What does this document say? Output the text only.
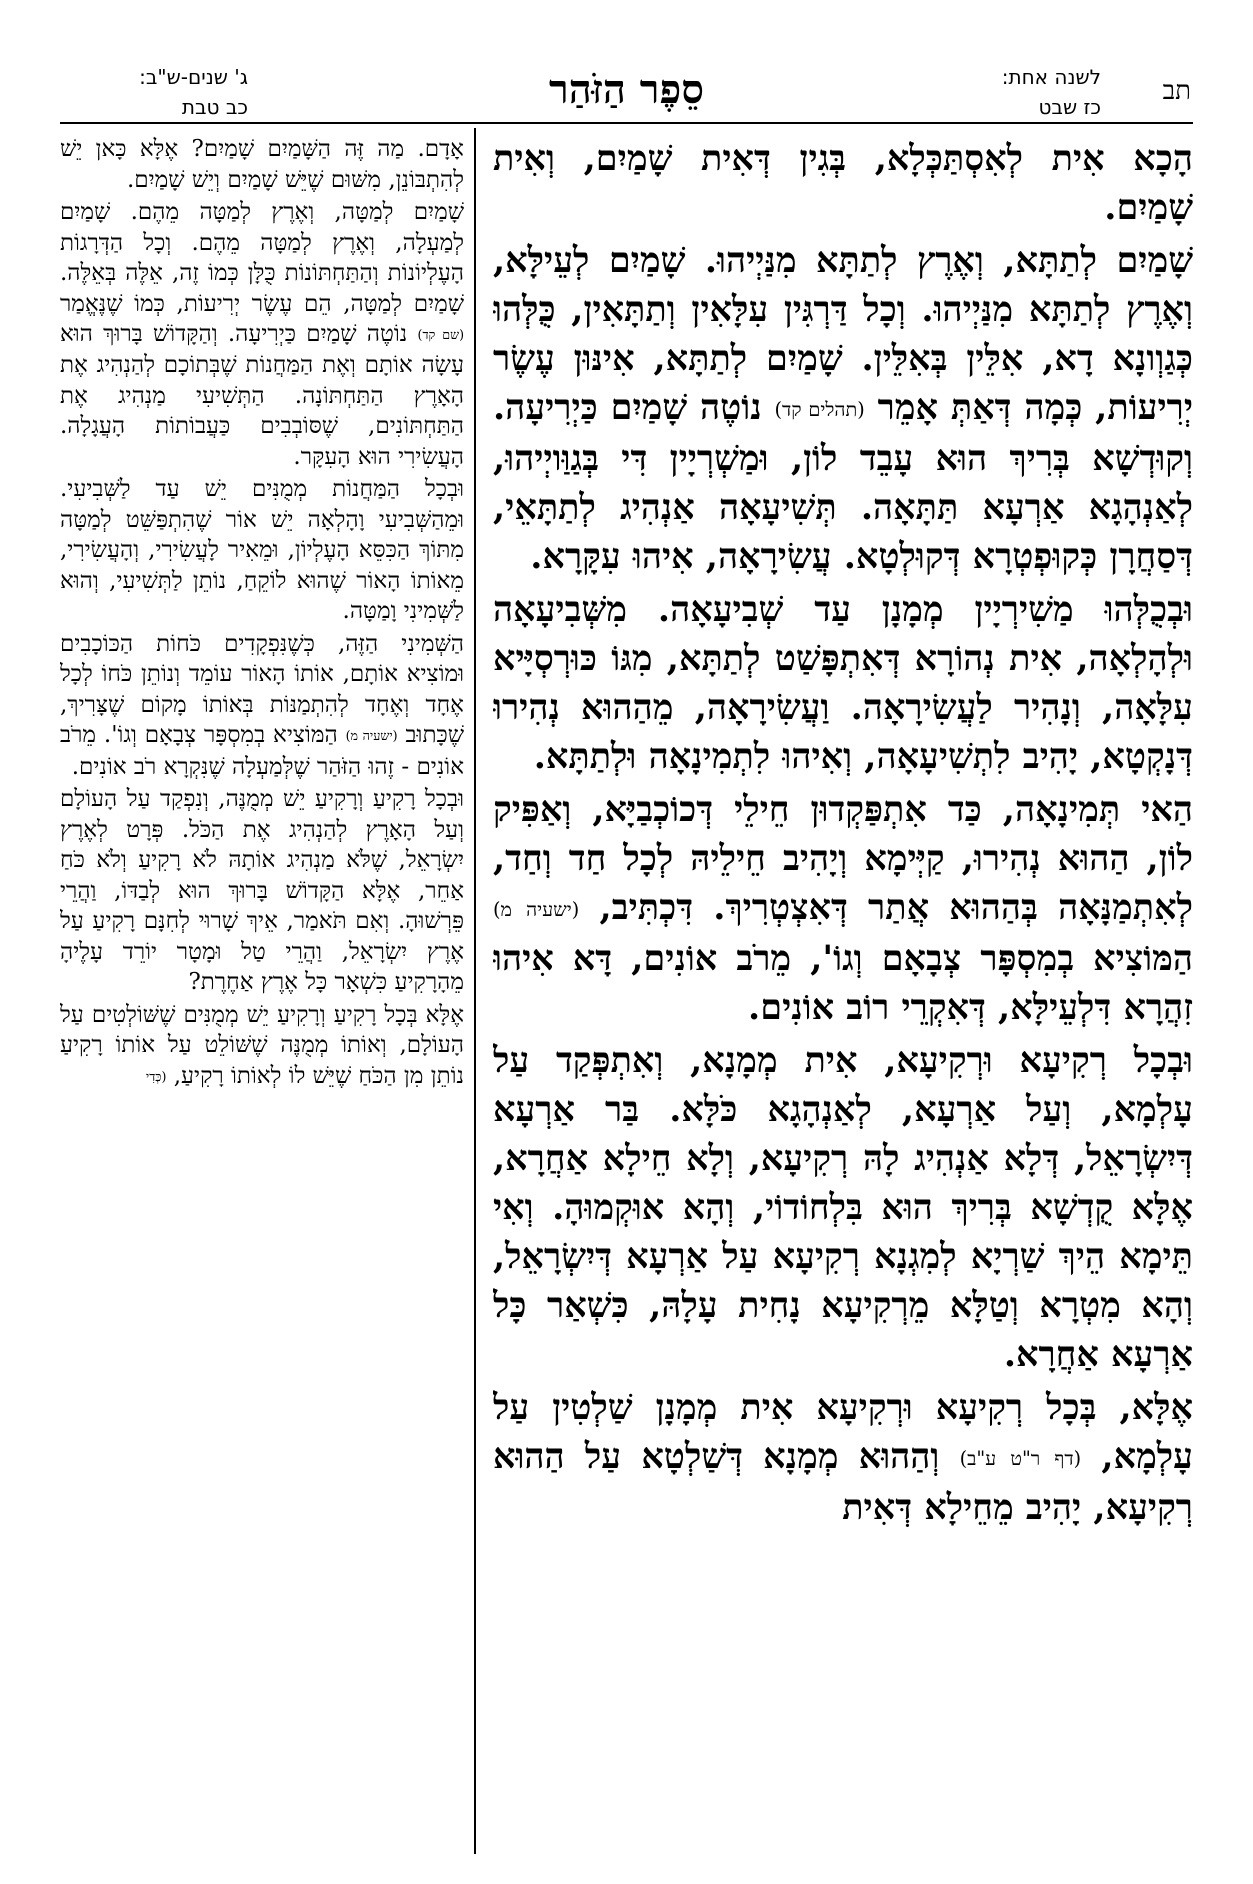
תב
לשנה אחת:
כז שבט
סֵפֶר הַזֹּהַר
ג' שנים-ש"ב:
כב טבת

הָכָא אִית לְאִסְתַּכְּלָא, בְּגִין דְּאִית שָׁמַיִם, וְאִית שָׁמַיִם.

שָׁמַיִם לְתַתָּא, וְאֶרֶץ לְתַתָּא מִנַּיְיהוּ. שָׁמַיִם לְעֵילָּא, וְאֶרֶץ לְתַתָּא מִנַּיְיהוּ. וְכָל דַּרְגִּין עִלָּאִין וְתַתָּאִין, כֻּלְּהוּ כְּגַוְונָא דָא, אִלֵּין בְּאִלֵּין. שָׁמַיִם לְתַתָּא, אִינּוּן עֶשֶׂר יְרִיעוֹת, כְּמָה דְּאַתְּ אָמֵר (תהלים קד) נוֹטֶה שָׁמַיִם כַּיְרִיעָה. וְקוּדְשָׁא בְּרִיךְ הוּא עָבֵד לוֹן, וּמַשְׁרְיָין דִּי בְּגַוַּויְיהוּ, לְאַנְהָגָא אַרְעָא תַּתָּאָה. תְּשִׁיעָאָה אַנְהִיג לְתַתָּאֵי, דְּסַחֲרָן כְּקוּפְטְרָא דְּקוּלְטָא. עֲשִׂירָאָה, אִיהוּ עִקָּרָא.

וּבְכֻלְּהוּ מַשִׁירְיָין מְמָנָן עַד שְׁבִיעָאָה. מִשְּׁבִיעָאָה וּלְהָלְאָה, אִית נְהוֹרָא דְּאִתְפָּשַׁט לְתַתָּא, מִגּוֹ כּוּרְסְיָּיא עִלָּאָה, וְנָהִיר לַעֲשִׂירָאָה. וַעֲשִׂירָאָה, מֵהַהוּא נְהִירוּ דְּנָקְטָא, יָהִיב לִתְשִׁיעָאָה, וְאִיהוּ לִתְמִינָאָה וּלְתַתָּא.

הַאי תְּמִינָאָה, כַּד אִתְפַּקְדוּן חֵילֵי דְּכוֹכְבַיָּא, וְאַפִּיק לוֹן, הַהוּא נְהִירוּ, קַיְּימָא וְיָהִיב חֵילֵיהּ לְכָל חַד וְחַד, לְאִתְמַנָּאָה בְּהַהוּא אֲתַר דְּאִצְטְרִיךְ. דִּכְתִּיב, (ישעיה מ) הַמּוֹצִיא בְמִסְפָּר צְבָאָם וְגוֹ', מֵרֹב אוֹנִים, דָּא אִיהוּ זִהֲרָא דִּלְעֵילָּא, דְּאִקְרֵי רוֹב אוֹנִים.

וּבְכָל רְקִיעָא וּרְקִיעָא, אִית מְמָנָא, וְאִתְפְּקַד עַל עָלְמָא, וְעַל אַרְעָא, לְאַנְהָגָא כֹּלָּא. בַּר אַרְעָא דְּיִשְׂרָאֵל, דְּלָא אַנְהִיג לָהּ רְקִיעָא, וְלָא חֵילָא אַחֲרָא, אֶלָּא קֻדְשָׁא בְּרִיךְ הוּא בִּלְחוֹדוֹי, וְהָא אוּקְמוּהָ. וְאִי תֵּימָא הֵיךְ שַׁרְיָא לְמִגְנָא רְקִיעָא עַל אַרְעָא דְּיִשְׂרָאֵל, וְהָא מִטְרָא וְטַלָּא מֵרְקִיעָא נָחִית עָלָהּ, כִּשְׁאַר כָּל אַרְעָא אַחֲרָא.

אֶלָּא, בְּכָל רְקִיעָא וּרְקִיעָא אִית מְמָנָן שַׁלְטִין עַל עָלְמָא, (דף ר"ט ע"ב) וְהַהוּא מְמָנָא דְּשַׁלְטָא עַל הַהוּא רְקִיעָא, יָהִיב מֵחֵילָא דְּאִית

אָדָם. מַה זֶּה הַשָּׁמַיִם שָׁמַיִם? אֶלָּא כָּאן יֵשׁ לְהִתְבּוֹנֵן, מִשּׁוּם שֶׁיֵּשׁ שָׁמַיִם וְיֵשׁ שָׁמַיִם.

שָׁמַיִם לְמַטָּה, וְאֶרֶץ לְמַטָּה מֵהֶם. שָׁמַיִם לְמַעְלָה, וְאֶרֶץ לְמַטָּה מֵהֶם. וְכָל הַדְּרָגוֹת הָעֶלְיוֹנוֹת וְהַתַּחְתּוֹנוֹת כֻּלָּן כְּמוֹ זֶה, אֵלֶּה בְּאֵלֶּה. שָׁמַיִם לְמַטָּה, הֵם עֶשֶׂר יְרִיעוֹת, כְּמוֹ שֶׁנֶּאֱמַר (שם קד) נוֹטֶה שָׁמַיִם כַּיְרִיעָה. וְהַקָּדוֹשׁ בָּרוּךְ הוּא עָשָׂה אוֹתָם וְאֶת הַמַּחֲנוֹת שֶׁבְּתוֹכָם לְהַנְהִיג אֶת הָאָרֶץ הַתַּחְתּוֹנָה. הַתְּשִׁיעִי מַנְהִיג אֶת הַתַּחְתּוֹנִים, שֶׁסּוֹבְבִים כַּעֲבוֹתוֹת הָעֲגָלָה. הָעֲשִׂירִי הוּא הָעִקָּר.

וּבְכָל הַמַּחֲנוֹת מְמֻנִּים יֵשׁ עַד לַשְּׁבִיעִי. וּמֵהַשְּׁבִיעִי וָהָלְאָה יֵשׁ אוֹר שֶׁהִתְפַּשֵּׁט לְמַטָּה מִתּוֹךְ הַכִּסֵּא הָעֶלְיוֹן, וּמֵאִיר לָעֲשִׂירִי, וְהָעֲשִׂירִי, מֵאוֹתוֹ הָאוֹר שֶׁהוּא לוֹקֵחַ, נוֹתֵן לַתְּשִׁיעִי, וְהוּא לַשְּׁמִינִי וָמַטָּה.

הַשְּׁמִינִי הַזֶּה, כְּשֶׁנִּפְקָדִים כֹּחוֹת הַכּוֹכָבִים וּמוֹצִיא אוֹתָם, אוֹתוֹ הָאוֹר עוֹמֵד וְנוֹתֵן כֹּחוֹ לְכָל אֶחָד וְאֶחָד לְהִתְמַנּוֹת בְּאוֹתוֹ מָקוֹם שֶׁצָּרִיךְ, שֶׁכָּתוּב (ישעיה מ) הַמּוֹצִיא בְמִסְפָּר צְבָאָם וְגוֹ'. מֵרֹב אוֹנִים - זֶהוּ הַזֹּהַר שֶׁלְּמַעְלָה שֶׁנִּקְרָא רֹב אוֹנִים.

וּבְכָל רָקִיעַ וְרָקִיעַ יֵשׁ מְמֻנֶּה, וְנִפְקַד עַל הָעוֹלָם וְעַל הָאָרֶץ לְהַנְהִיג אֶת הַכֹּל. פְּרָט לְאֶרֶץ יִשְׂרָאֵל, שֶׁלֹּא מַנְהִיג אוֹתָהּ לֹא רָקִיעַ וְלֹא כֹּחַ אַחֵר, אֶלָּא הַקָּדוֹשׁ בָּרוּךְ הוּא לְבַדּוֹ, וַהֲרֵי פֵּרְשׁוּהָ. וְאִם תֹּאמַר, אֵיךְ שָׁרוּי לְחִנָּם רָקִיעַ עַל אֶרֶץ יִשְׂרָאֵל, וַהֲרֵי טַל וּמָטָר יוֹרֵד עָלֶיהָ מֵהָרָקִיעַ כִּשְׁאָר כָּל אֶרֶץ אַחֶרֶת?

אֶלָּא בְּכָל רָקִיעַ וְרָקִיעַ יֵשׁ מְמֻנִּים שֶׁשּׁוֹלְטִים עַל הָעוֹלָם, וְאוֹתוֹ מְמֻנֶּה שֶׁשּׁוֹלֵט עַל אוֹתוֹ רָקִיעַ נוֹתֵן מִן הַכֹּחַ שֶׁיֵּשׁ לוֹ לְאוֹתוֹ רָקִיעַ, (כְּדִי
